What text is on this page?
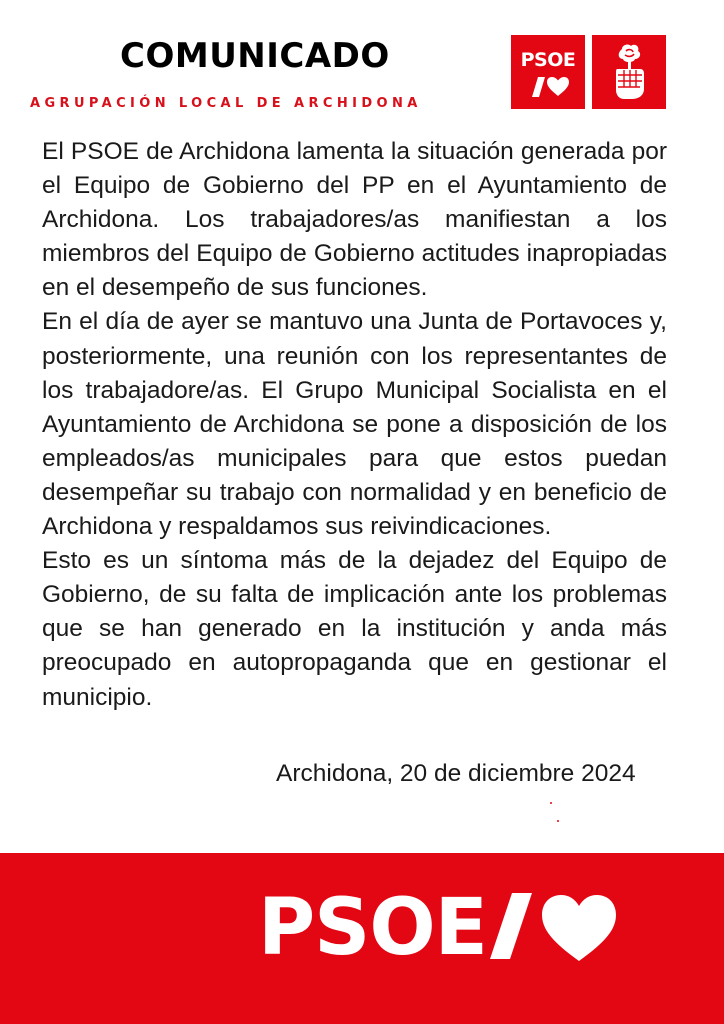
COMUNICADO
AGRUPACIÓN LOCAL DE ARCHIDONA
PSOE

El PSOE de Archidona lamenta la situación generada por el Equipo de Gobierno del PP en el Ayuntamiento de Archidona. Los trabajadores/as manifiestan a los miembros del Equipo de Gobierno actitudes inapropiadas en el desempeño de sus funciones.

En el día de ayer se mantuvo una Junta de Portavoces y, posteriormente, una reunión con los representantes de los trabajadore/as. El Grupo Municipal Socialista en el Ayuntamiento de Archidona se pone a disposición de los empleados/as municipales para que estos puedan desempeñar su trabajo con normalidad y en beneficio de Archidona y respaldamos sus reivindicaciones.

Esto es un síntoma más de la dejadez del Equipo de Gobierno, de su falta de implicación ante los problemas que se han generado en la institución y anda más preocupado en autopropaganda que en gestionar el municipio.

Archidona, 20 de diciembre 2024
PSOE
